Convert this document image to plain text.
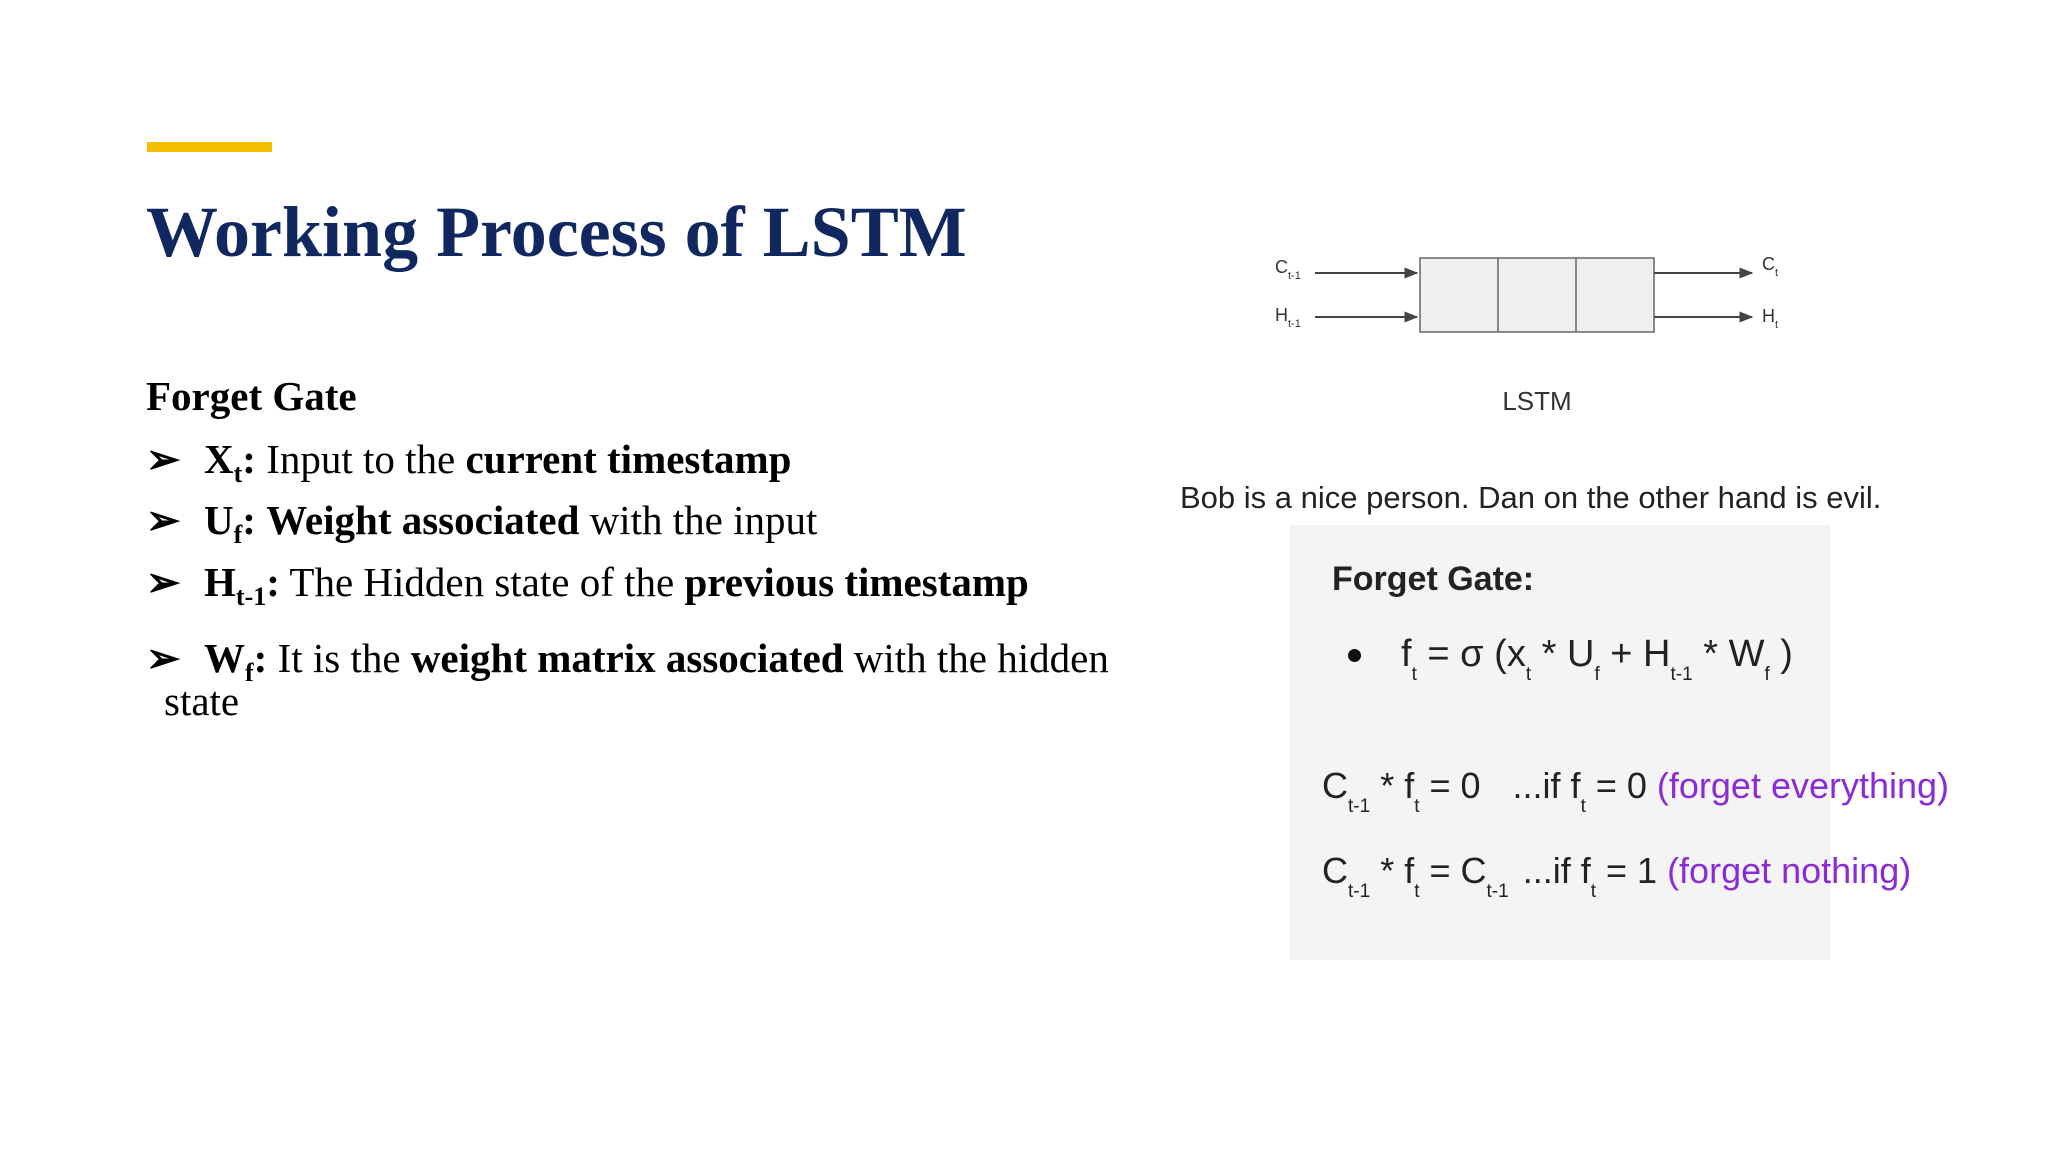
Working Process of LSTM
Forget Gate
➢ $X_t$: Input to the current timestamp
➢ $U_f$: Weight associated with the input
➢ $H_{t-1}$: The Hidden state of the previous timestamp
➢ $W_f$: It is the weight matrix associated with the hidden
state
$C_{t-1}$
$H_{t-1}$
$C_t$
$H_t$
LSTM
Bob is a nice person. Dan on the other hand is evil.
Forget Gate:
$f_t = \sigma$ ($x_t * U_f + H_{t-1} * W_f$ )
$C_{t-1} * f_t = 0$ ...if $f_t = 0$ (forget everything)
$C_{t-1} * f_t = C_{t-1}...if$ $f_t = 1$ (forget nothing)
